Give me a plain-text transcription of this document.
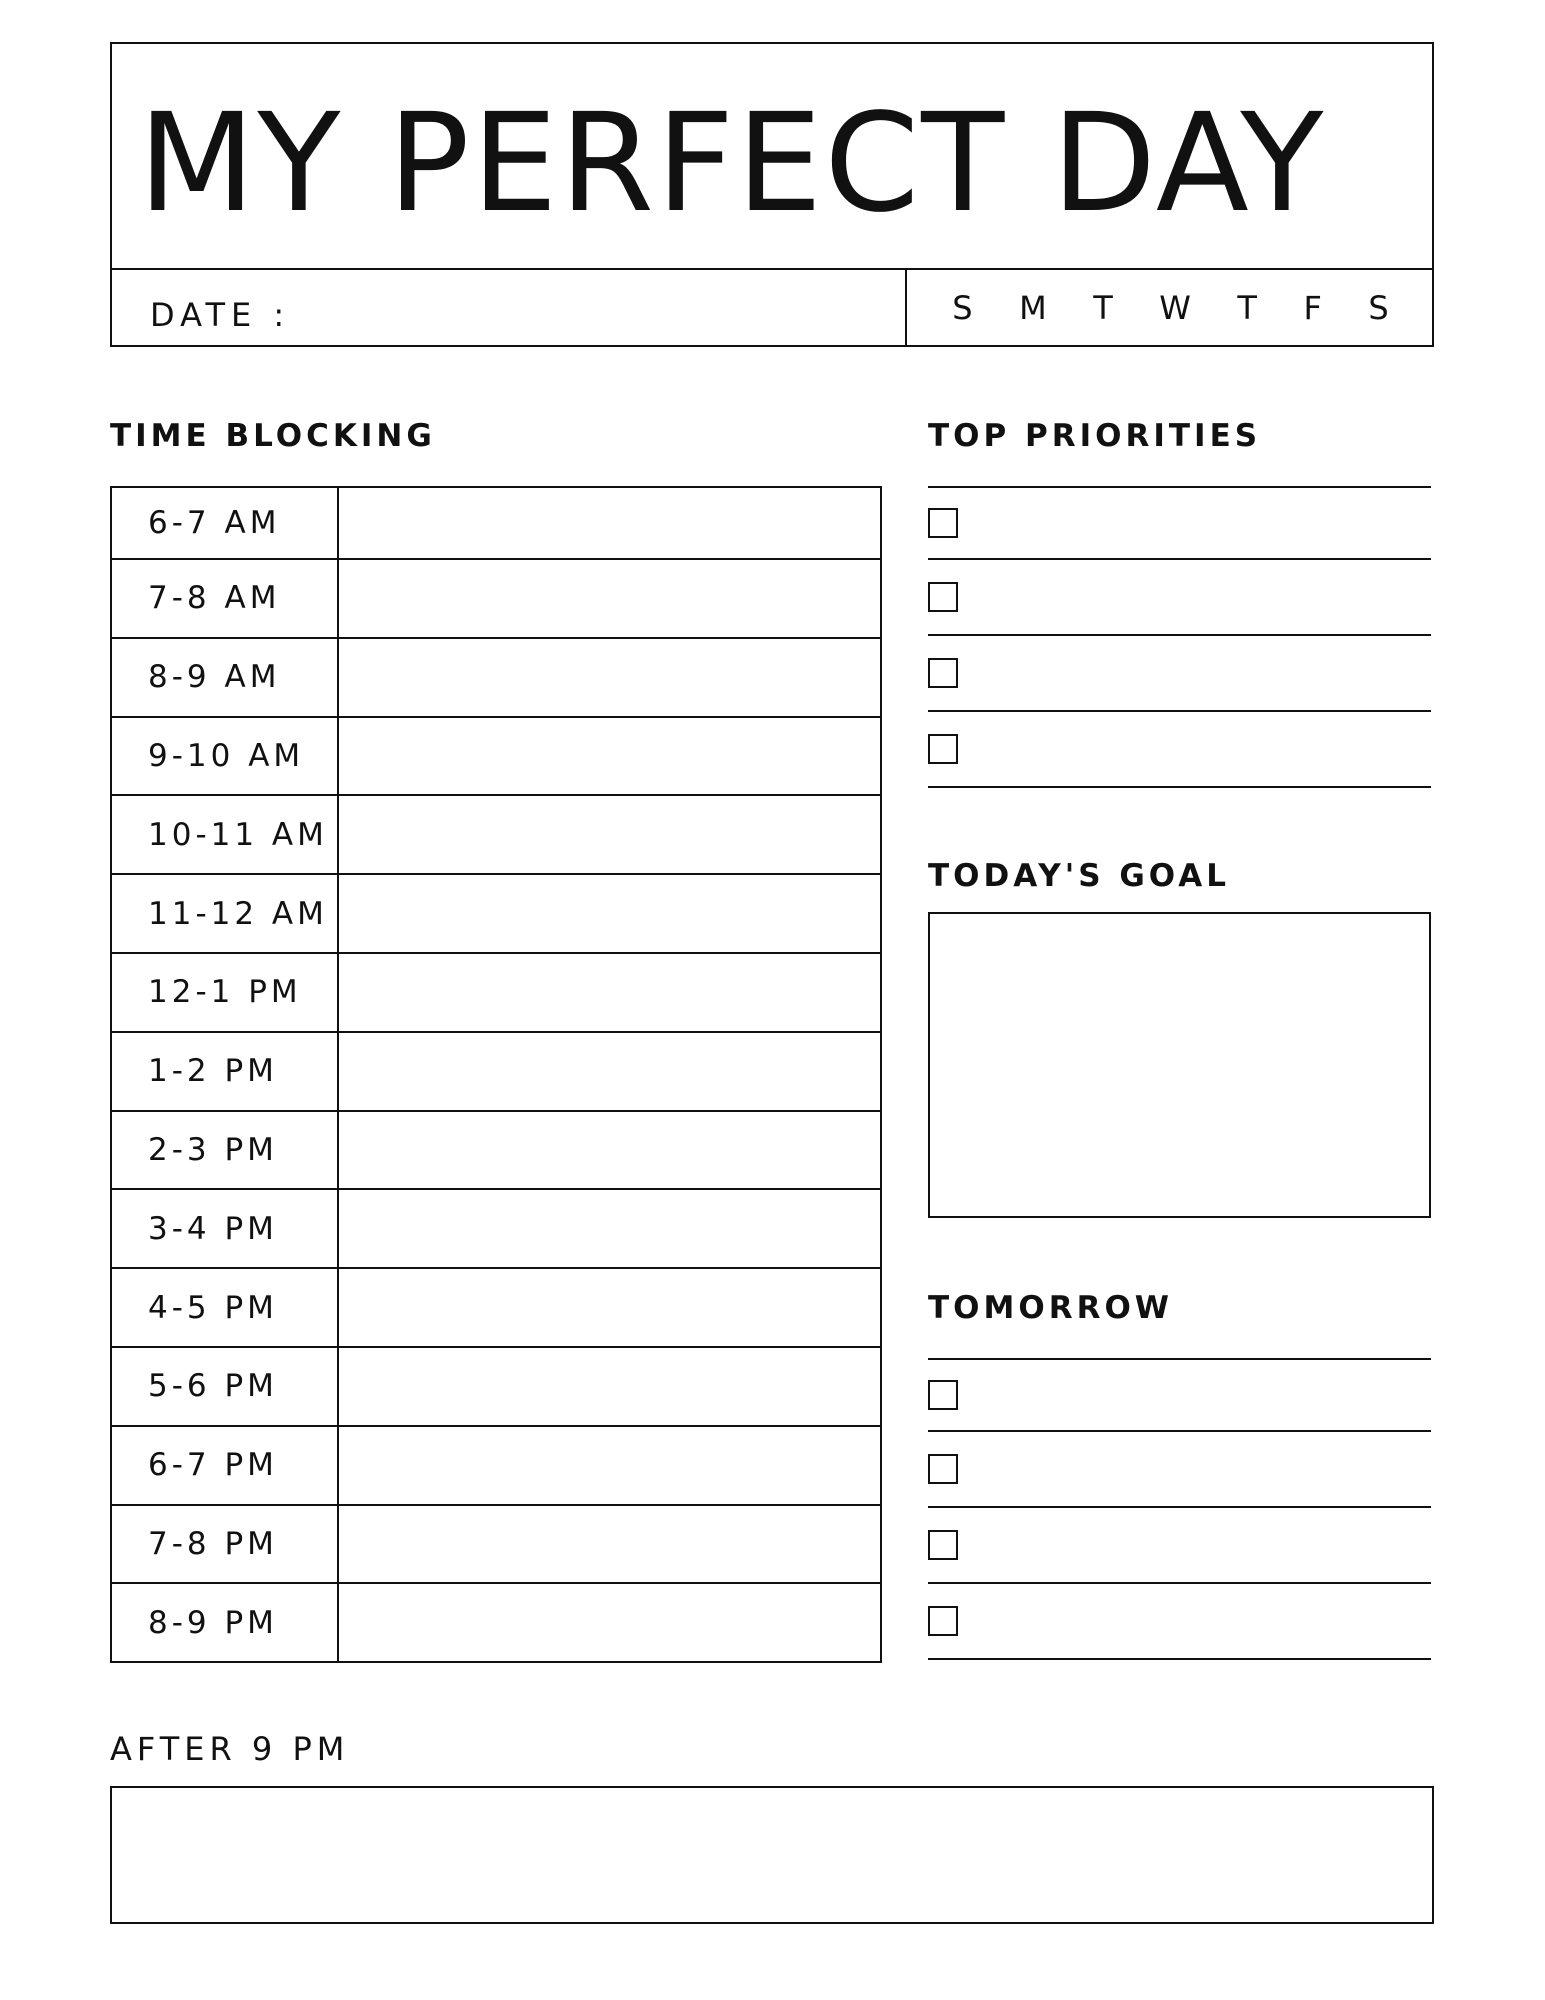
MY PERFECT DAY
DATE :	S M T W T F S
TIME BLOCKING
6-7 AM
7-8 AM
8-9 AM
9-10 AM
10-11 AM
11-12 AM
12-1 PM
1-2 PM
2-3 PM
3-4 PM
4-5 PM
5-6 PM
6-7 PM
7-8 PM
8-9 PM
TOP PRIORITIES
TODAY'S GOAL
TOMORROW
AFTER 9 PM
